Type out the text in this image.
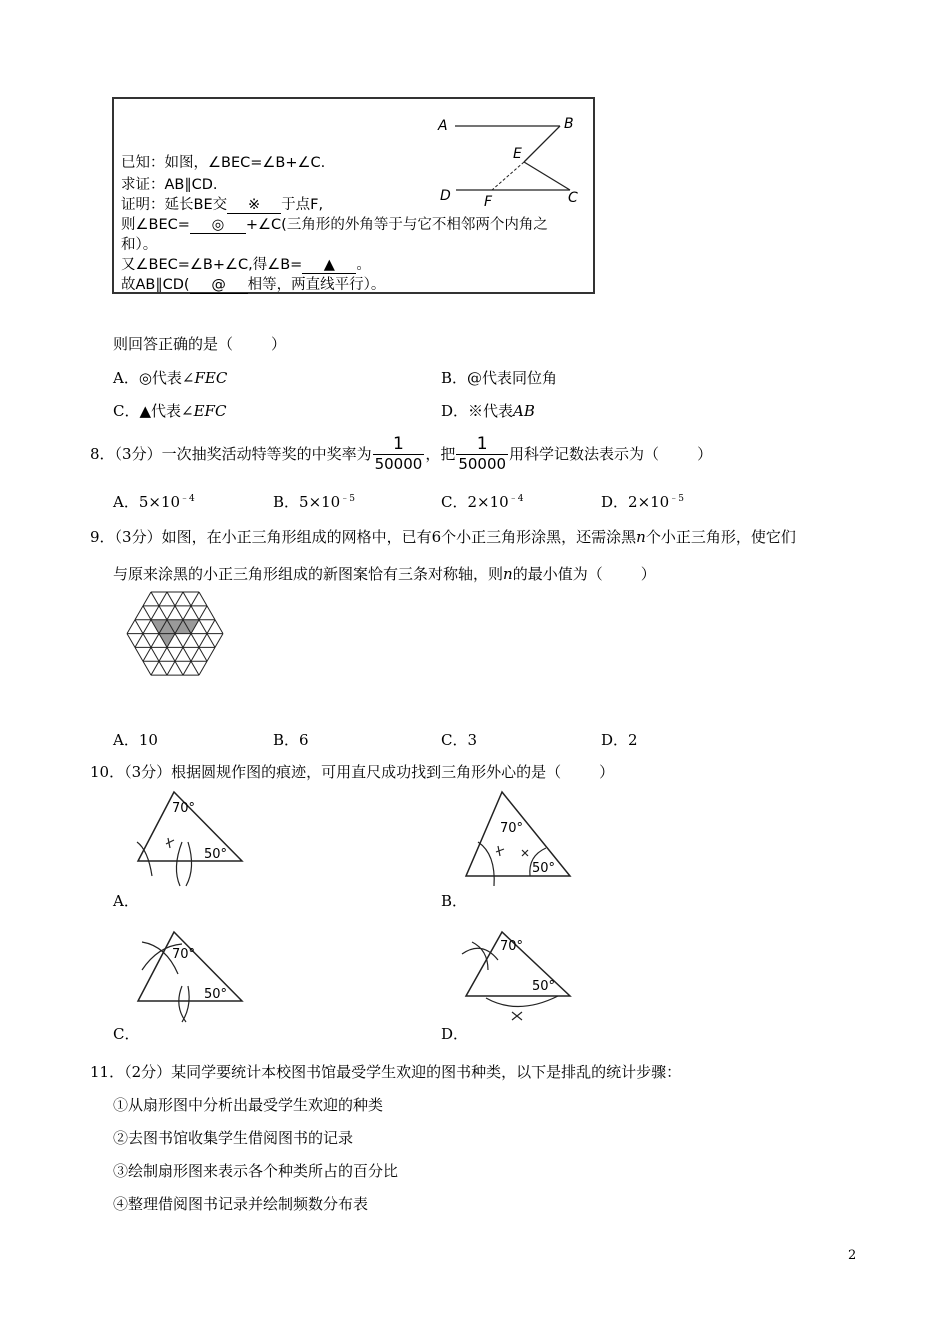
已知：如图，∠BEC=∠B+∠C.
求证：AB∥CD.
证明：延长BE交 ※ 于点F,
则∠BEC= ◎ +∠C(三角形的外角等于与它不相邻两个内角之
和）。
又∠BEC=∠B+∠C,得∠B= ▲ 。
故AB∥CD( @ 相等，两直线平行）。
A	B
E
D F	C
则回答正确的是（	）
A．◎代表∠FEC	B．@代表同位角
C．▲代表∠EFC	D．※代表AB
8．（3分）一次抽奖活动特等奖的中奖率为 $\frac{1}{50000}$ ，把 $\frac{1}{50000}$ 用科学记数法表示为（	）
A．$5\times 10^{﹣4}$	B．$5\times 10^{﹣5}$	C．$2\times 10^{﹣4}$	D．$2\times 10^{﹣5}$
9．（3分）如图，在小正三角形组成的网格中，已有6个小正三角形涂黑，还需涂黑n个小正三角形，使它们
与原来涂黑的小正三角形组成的新图案恰有三条对称轴，则n的最小值为（	）
A．10	B．6	C．3	D．2
10．（3分）根据圆规作图的痕迹，可用直尺成功找到三角形外心的是（	）
70°
50°
A．
70°
50°
B．
70°
50°
C．
70°
50°
D．
11．（2分）某同学要统计本校图书馆最受学生欢迎的图书种类，以下是排乱的统计步骤：
①从扇形图中分析出最受学生欢迎的种类
②去图书馆收集学生借阅图书的记录
③绘制扇形图来表示各个种类所占的百分比
④整理借阅图书记录并绘制频数分布表
2
